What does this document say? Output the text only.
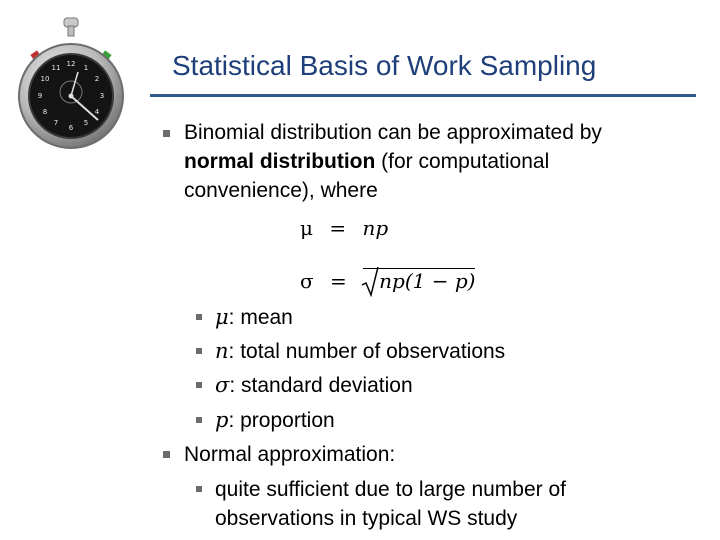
12 1
2
3
4
5
6
7
8
9
10
11	Statistical Basis of Work Sampling
Binomial distribution can be approximated by
normal distribution (for computational
convenience), where
μ = np
σ = np(1 − p)
μ: mean
n: total number of observations
σ: standard deviation
p: proportion
Normal approximation:
quite sufficient due to large number of
observations in typical WS study
